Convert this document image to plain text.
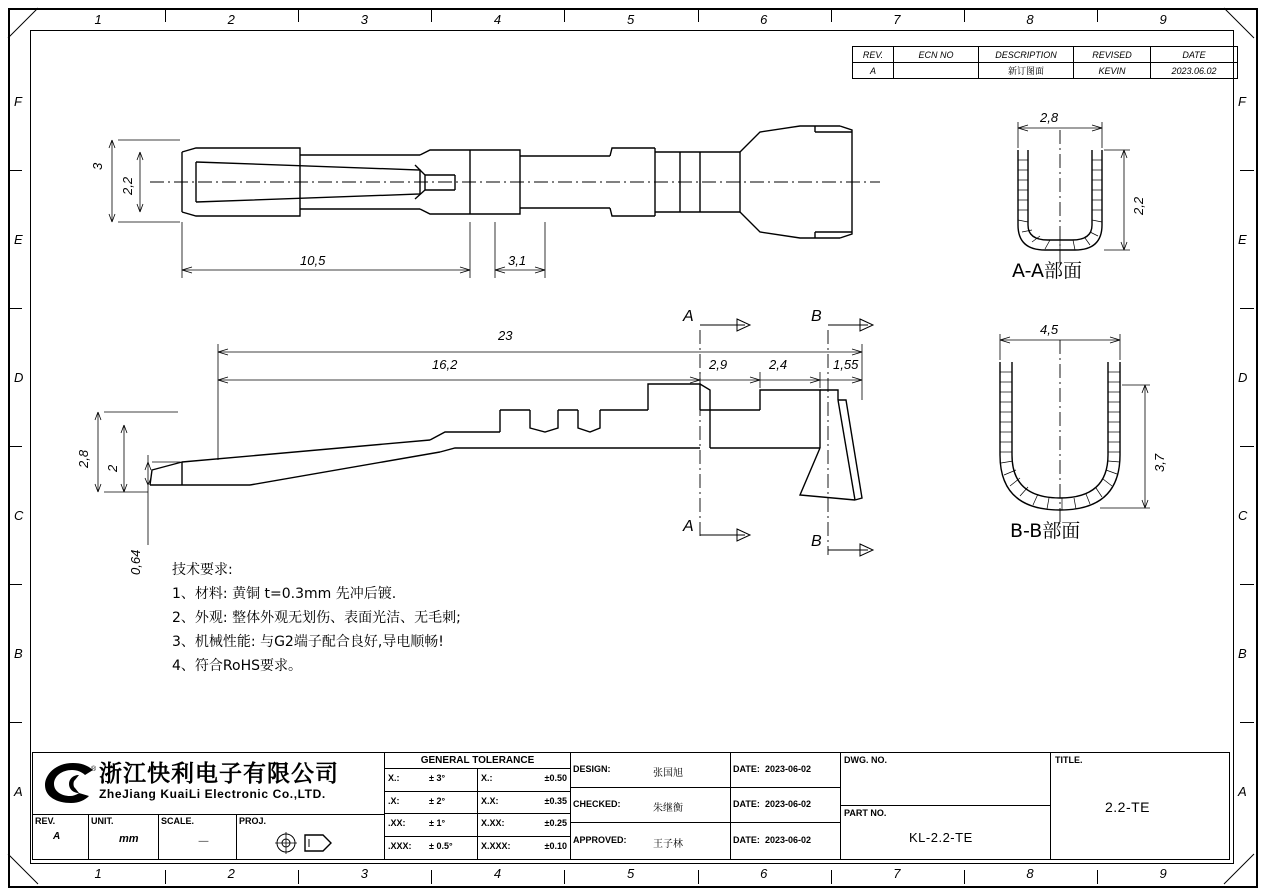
1	2	3	4	5	6	7	8	9
1	2	3	4	5	6	7	8	9
F
E
D
C
B
A
F
E
D
C
B
A
REV.	ECN NO	DESCRIPTION	REVISED	DATE
A		新订图面	KEVIN	2023.06.02
3
2,2
10,5	3,1
23
16,2	2,9	2,4	1,55
2,8
2
0,64
A
A
B
B
2,8
2,2
A-A部面
4,5
3,7
B-B部面
技术要求:
1、材料: 黄铜 t=0.3mm 先冲后镀.
2、外观: 整体外观无划伤、表面光洁、无毛刺;
3、机械性能: 与G2端子配合良好,导电顺畅!
4、符合RoHS要求。
® 浙江快利电子有限公司
ZheJiang KuaiLi Electronic Co.,LTD.
REV.
A
UNIT.
mm
SCALE.
－
PROJ.
GENERAL TOLERANCE
X.:	± 3°	X.:	±0.50
.X:	± 2°	X.X:	±0.35
.XX:	± 1°	X.XX:	±0.25
.XXX:	± 0.5°	X.XXX:	±0.10
DESIGN:	张国旭	DATE: 2023-06-02
CHECKED:	朱继衡	DATE: 2023-06-02
APPROVED:	王子林	DATE: 2023-06-02
DWG. NO.
PART NO.
KL-2.2-TE
TITLE.
2.2-TE
